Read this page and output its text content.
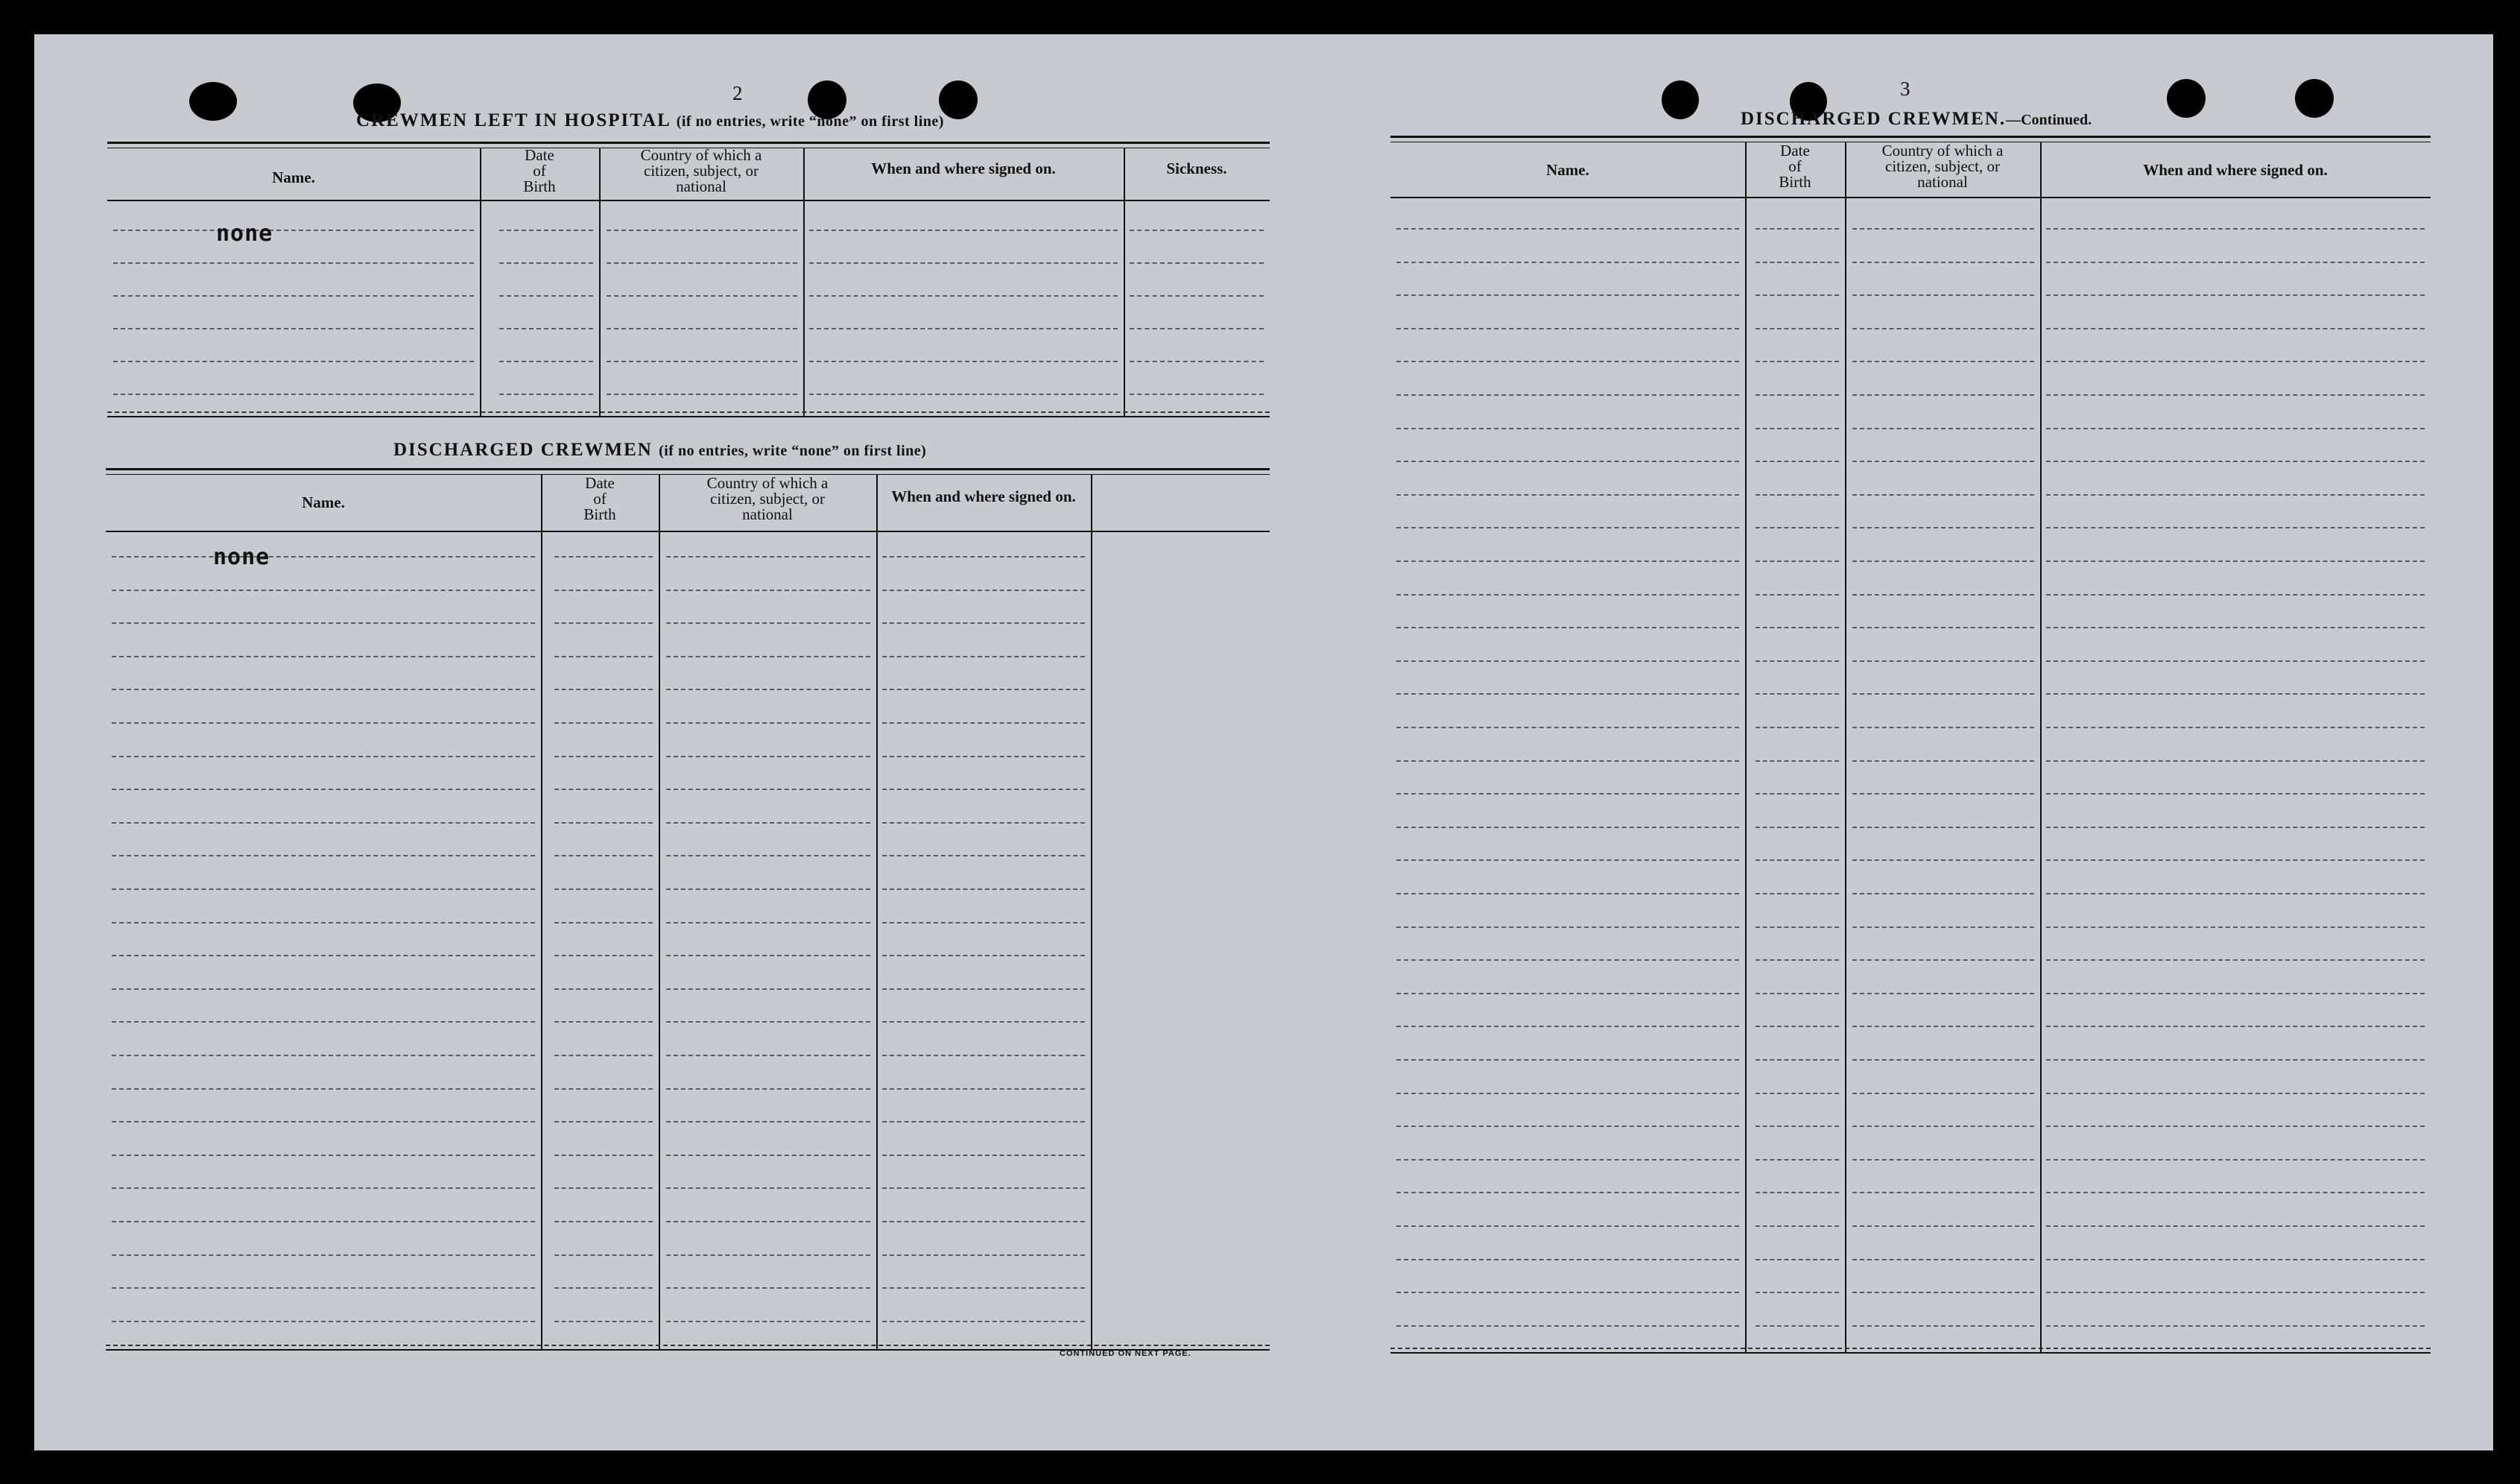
2	3
CREWMEN LEFT IN HOSPITAL (if no entries, write “none” on first line)
Name.
Date
of
Birth
Country of which a
citizen, subject, or
national
When and where signed on.	Sickness.
none
DISCHARGED CREWMEN (if no entries, write “none” on first line)
Name.
Date
of
Birth
Country of which a
citizen, subject, or
national
When and where signed on.
none
CONTINUED ON NEXT PAGE.
DISCHARGED CREWMEN.—Continued.
Name.
Date
of
Birth
Country of which a
citizen, subject, or
national
When and where signed on.
